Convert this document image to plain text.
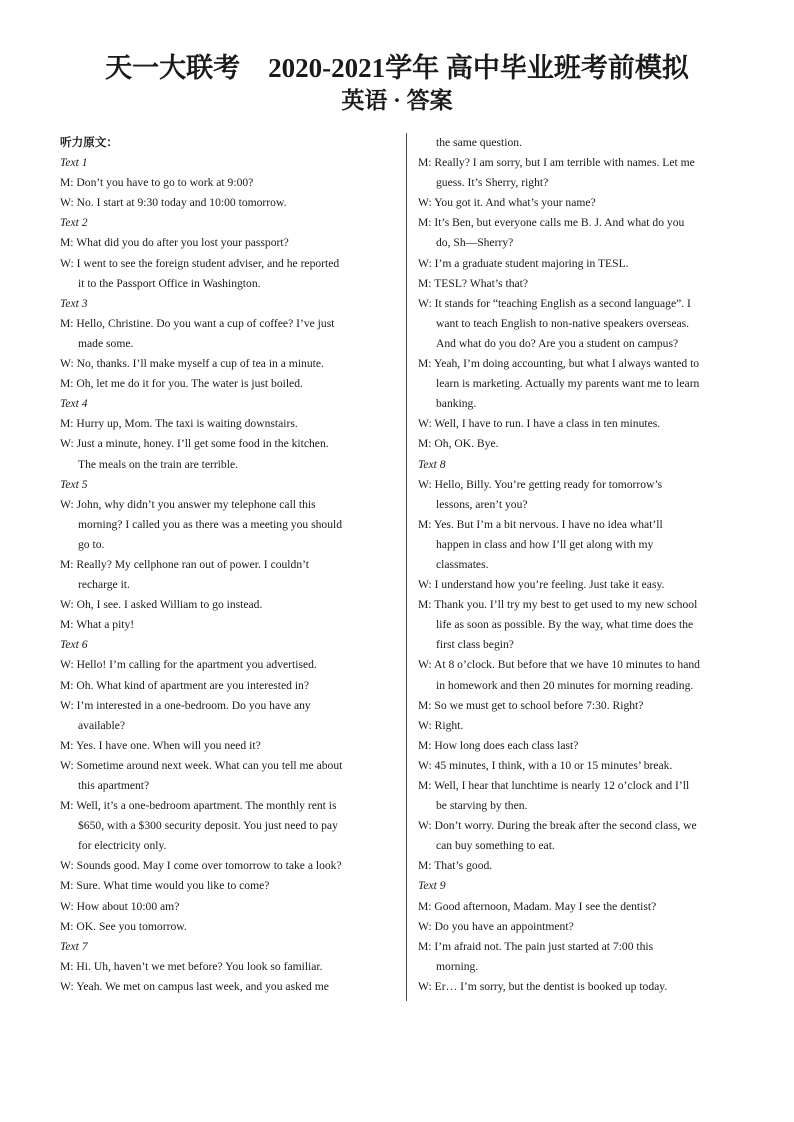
天一大联考 2020-2021学年 高中毕业班考前模拟
英语 · 答案
听力原文：
Text 1
M: Don’t you have to go to work at 9:00?
W: No. I start at 9:30 today and 10:00 tomorrow.
Text 2
M: What did you do after you lost your passport?
W: I went to see the foreign student adviser, and he reported
it to the Passport Office in Washington.
Text 3
M: Hello, Christine. Do you want a cup of coffee? I’ve just
made some.
W: No, thanks. I’ll make myself a cup of tea in a minute.
M: Oh, let me do it for you. The water is just boiled.
Text 4
M: Hurry up, Mom. The taxi is waiting downstairs.
W: Just a minute, honey. I’ll get some food in the kitchen.
The meals on the train are terrible.
Text 5
W: John, why didn’t you answer my telephone call this
morning? I called you as there was a meeting you should
go to.
M: Really? My cellphone ran out of power. I couldn’t
recharge it.
W: Oh, I see. I asked William to go instead.
M: What a pity!
Text 6
W: Hello! I’m calling for the apartment you advertised.
M: Oh. What kind of apartment are you interested in?
W: I’m interested in a one-bedroom. Do you have any
available?
M: Yes. I have one. When will you need it?
W: Sometime around next week. What can you tell me about
this apartment?
M: Well, it’s a one-bedroom apartment. The monthly rent is
$650, with a $300 security deposit. You just need to pay
for electricity only.
W: Sounds good. May I come over tomorrow to take a look?
M: Sure. What time would you like to come?
W: How about 10:00 am?
M: OK. See you tomorrow.
Text 7
M: Hi. Uh, haven’t we met before? You look so familiar.
W: Yeah. We met on campus last week, and you asked me
the same question.
M: Really? I am sorry, but I am terrible with names. Let me
guess. It’s Sherry, right?
W: You got it. And what’s your name?
M: It’s Ben, but everyone calls me B. J. And what do you
do, Sh—Sherry?
W: I’m a graduate student majoring in TESL.
M: TESL? What’s that?
W: It stands for “teaching English as a second language”. I
want to teach English to non-native speakers overseas.
And what do you do? Are you a student on campus?
M: Yeah, I’m doing accounting, but what I always wanted to
learn is marketing. Actually my parents want me to learn
banking.
W: Well, I have to run. I have a class in ten minutes.
M: Oh, OK. Bye.
Text 8
W: Hello, Billy. You’re getting ready for tomorrow’s
lessons, aren’t you?
M: Yes. But I’m a bit nervous. I have no idea what’ll
happen in class and how I’ll get along with my
classmates.
W: I understand how you’re feeling. Just take it easy.
M: Thank you. I’ll try my best to get used to my new school
life as soon as possible. By the way, what time does the
first class begin?
W: At 8 o’clock. But before that we have 10 minutes to hand
in homework and then 20 minutes for morning reading.
M: So we must get to school before 7:30. Right?
W: Right.
M: How long does each class last?
W: 45 minutes, I think, with a 10 or 15 minutes’ break.
M: Well, I hear that lunchtime is nearly 12 o’clock and I’ll
be starving by then.
W: Don’t worry. During the break after the second class, we
can buy something to eat.
M: That’s good.
Text 9
M: Good afternoon, Madam. May I see the dentist?
W: Do you have an appointment?
M: I’m afraid not. The pain just started at 7:00 this
morning.
W: Er… I’m sorry, but the dentist is booked up today.
